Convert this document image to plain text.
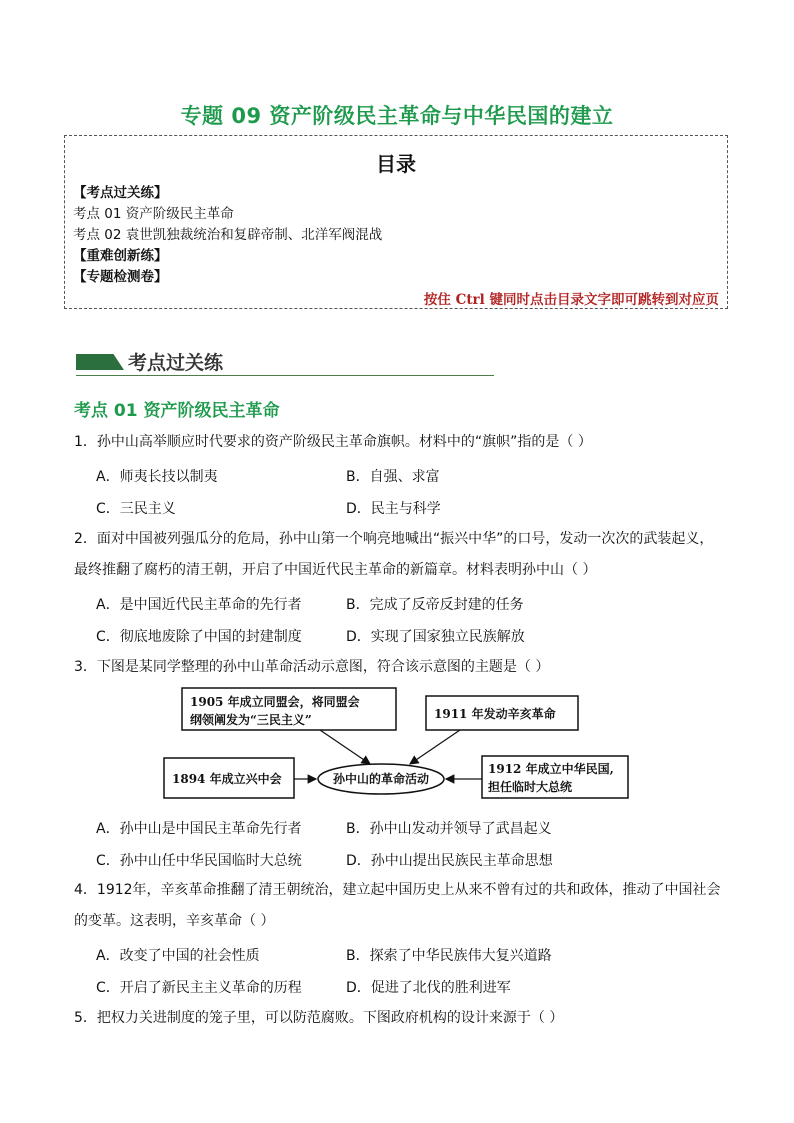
专题 09 资产阶级民主革命与中华民国的建立
目录
【考点过关练】
考点 01 资产阶级民主革命
考点 02 袁世凯独裁统治和复辟帝制、北洋军阀混战
【重难创新练】
【专题检测卷】
按住 Ctrl 键同时点击目录文字即可跳转到对应页
考点过关练
考点 01 资产阶级民主革命
1．孙中山高举顺应时代要求的资产阶级民主革命旗帜。材料中的“旗帜”指的是（ ）
A．师夷长技以制夷	B．自强、求富
C．三民主义	D．民主与科学
2．面对中国被列强瓜分的危局，孙中山第一个响亮地喊出“振兴中华”的口号，发动一次次的武装起义，最终推翻了腐朽的清王朝，开启了中国近代民主革命的新篇章。材料表明孙中山（ ）
A．是中国近代民主革命的先行者	B．完成了反帝反封建的任务
C．彻底地废除了中国的封建制度	D．实现了国家独立民族解放
3．下图是某同学整理的孙中山革命活动示意图，符合该示意图的主题是（ ）
1905 年成立同盟会，将同盟会
纲领阐发为“三民主义”	1911 年发动辛亥革命
1894 年成立兴中会
1912 年成立中华民国,
担任临时大总统
孙中山的革命活动
A．孙中山是中国民主革命先行者	B．孙中山发动并领导了武昌起义
C．孙中山任中华民国临时大总统	D．孙中山提出民族民主革命思想
4．1912年，辛亥革命推翻了清王朝统治，建立起中国历史上从来不曾有过的共和政体，推动了中国社会的变革。这表明，辛亥革命（ ）
A．改变了中国的社会性质	B．探索了中华民族伟大复兴道路
C．开启了新民主主义革命的历程	D．促进了北伐的胜利进军
5．把权力关进制度的笼子里，可以防范腐败。下图政府机构的设计来源于（ ）
